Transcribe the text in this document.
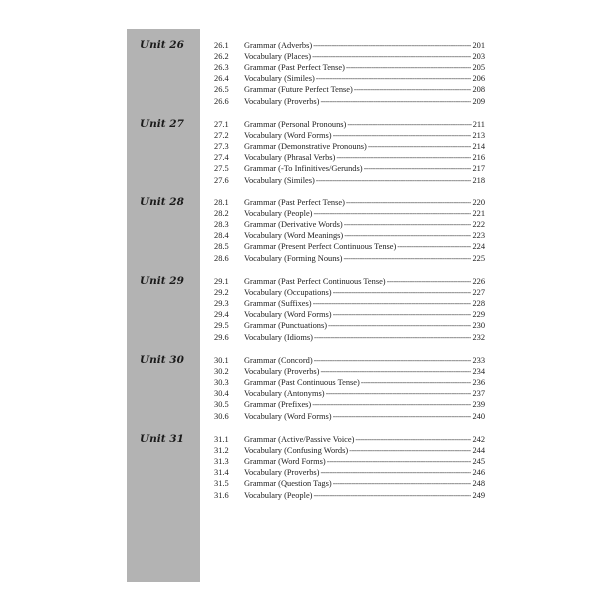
Unit 26	26.1 Grammar (Adverbs) -----	201
26.2 Vocabulary (Places) -----	203
26.3 Grammar (Past Perfect Tense) -----	205
26.4 Vocabulary (Similes) -----	206
26.5 Grammar (Future Perfect Tense) -----	208
26.6 Vocabulary (Proverbs) -----	209
Unit 27	27.1 Grammar (Personal Pronouns) -----	211
27.2 Vocabulary (Word Forms) -----	213
27.3 Grammar (Demonstrative Pronouns) -----	214
27.4 Vocabulary (Phrasal Verbs) -----	216
27.5 Grammar (-To Infinitives/Gerunds) -----	217
27.6 Vocabulary (Similes) -----	218
Unit 28	28.1 Grammar (Past Perfect Tense) -----	220
28.2 Vocabulary (People) -----	221
28.3 Grammar (Derivative Words) -----	222
28.4 Vocabulary (Word Meanings) -----	223
28.5 Grammar (Present Perfect Continuous Tense) -----	224
28.6 Vocabulary (Forming Nouns) -----	225
Unit 29	29.1 Grammar (Past Perfect Continuous Tense) -----	226
29.2 Vocabulary (Occupations) -----	227
29.3 Grammar (Suffixes) -----	228
29.4 Vocabulary (Word Forms) -----	229
29.5 Grammar (Punctuations) -----	230
29.6 Vocabulary (Idioms) -----	232
Unit 30	30.1 Grammar (Concord) -----	233
30.2 Vocabulary (Proverbs) -----	234
30.3 Grammar (Past Continuous Tense) -----	236
30.4 Vocabulary (Antonyms) -----	237
30.5 Grammar (Prefixes) -----	239
30.6 Vocabulary (Word Forms) -----	240
Unit 31	31.1 Grammar (Active/Passive Voice) -----	242
31.2 Vocabulary (Confusing Words) -----	244
31.3 Grammar (Word Forms) -----	245
31.4 Vocabulary (Proverbs) -----	246
31.5 Grammar (Question Tags) -----	248
31.6 Vocabulary (People) -----	249
